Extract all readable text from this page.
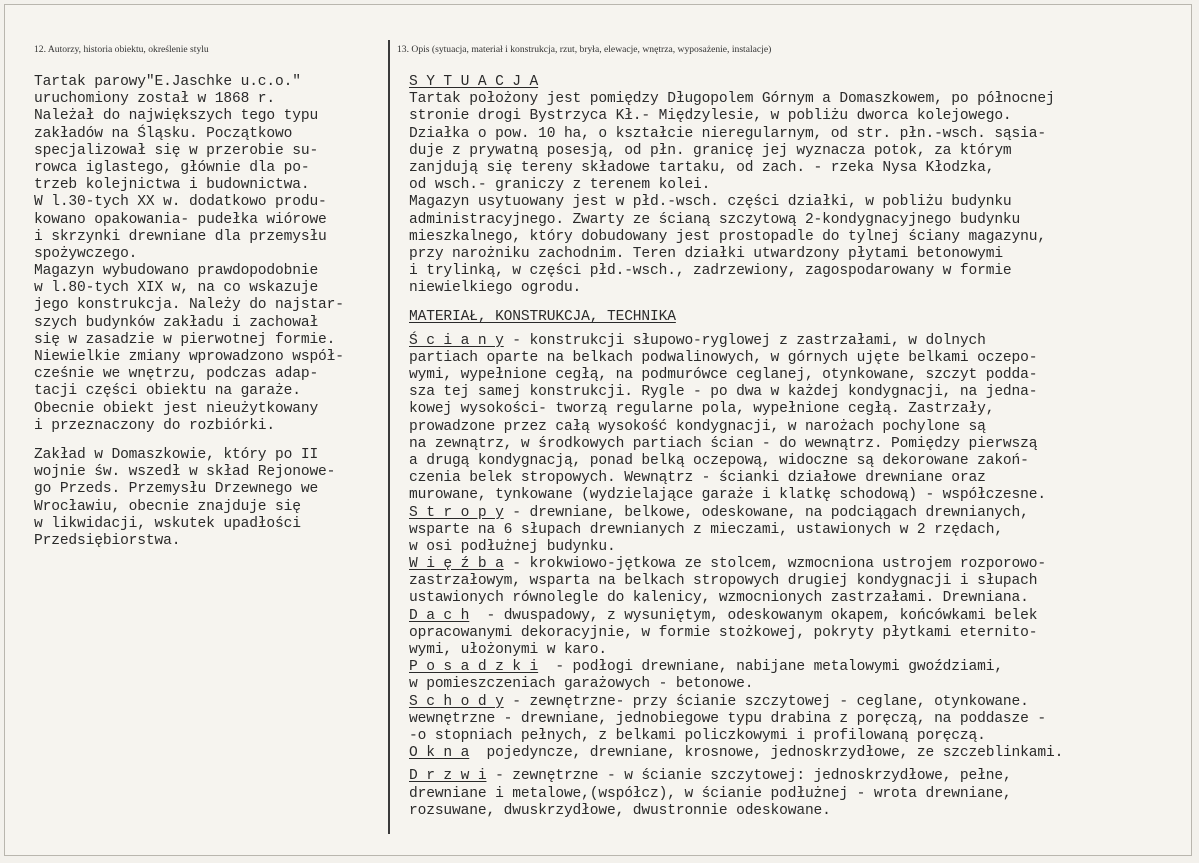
12. Autorzy, historia obiektu, określenie stylu	13. Opis (sytuacja, materiał i konstrukcja, rzut, bryła, elewacje, wnętrza, wyposażenie, instalacje)
Tartak parowy"E.Jaschke u.c.o."
uruchomiony został w 1868 r.
Należał do największych tego typu
zakładów na Śląsku. Początkowo
specjalizował się w przerobie su-
rowca iglastego, głównie dla po-
trzeb kolejnictwa i budownictwa.
W l.30-tych XX w. dodatkowo produ-
kowano opakowania- pudełka wiórowe
i skrzynki drewniane dla przemysłu
spożywczego.
Magazyn wybudowano prawdopodobnie
w l.80-tych XIX w, na co wskazuje
jego konstrukcja. Należy do najstar-
szych budynków zakładu i zachował
się w zasadzie w pierwotnej formie.
Niewielkie zmiany wprowadzono współ-
cześnie we wnętrzu, podczas adap-
tacji części obiektu na garaże.
Obecnie obiekt jest nieużytkowany
i przeznaczony do rozbiórki.
Zakład w Domaszkowie, który po II
wojnie św. wszedł w skład Rejonowe-
go Przeds. Przemysłu Drzewnego we
Wrocławiu, obecnie znajduje się
w likwidacji, wskutek upadłości
Przedsiębiorstwa.
S Y T U A C J A
Tartak położony jest pomiędzy Długopolem Górnym a Domaszkowem, po północnej
stronie drogi Bystrzyca Kł.- Międzylesie, w pobliżu dworca kolejowego.
Działka o pow. 10 ha, o kształcie nieregularnym, od str. płn.-wsch. sąsia-
duje z prywatną posesją, od płn. granicę jej wyznacza potok, za którym
zanjdują się tereny składowe tartaku, od zach. - rzeka Nysa Kłodzka,
od wsch.- graniczy z terenem kolei.
Magazyn usytuowany jest w płd.-wsch. części działki, w pobliżu budynku
administracyjnego. Zwarty ze ścianą szczytową 2-kondygnacyjnego budynku
mieszkalnego, który dobudowany jest prostopadle do tylnej ściany magazynu,
przy narożniku zachodnim. Teren działki utwardzony płytami betonowymi
i trylinką, w części płd.-wsch., zadrzewiony, zagospodarowany w formie
niewielkiego ogrodu.
MATERIAŁ, KONSTRUKCJA, TECHNIKA
Ś c i a n y - konstrukcji słupowo-ryglowej z zastrzałami, w dolnych
partiach oparte na belkach podwalinowych, w górnych ujęte belkami oczepo-
wymi, wypełnione cegłą, na podmurówce ceglanej, otynkowane, szczyt podda-
sza tej samej konstrukcji. Rygle - po dwa w każdej kondygnacji, na jedna-
kowej wysokości- tworzą regularne pola, wypełnione cegłą. Zastrzały,
prowadzone przez całą wysokość kondygnacji, w narożach pochylone są
na zewnątrz, w środkowych partiach ścian - do wewnątrz. Pomiędzy pierwszą
a drugą kondygnacją, ponad belką oczepową, widoczne są dekorowane zakoń-
czenia belek stropowych. Wewnątrz - ścianki działowe drewniane oraz
murowane, tynkowane (wydzielające garaże i klatkę schodową) - współczesne.
S t r o p y - drewniane, belkowe, odeskowane, na podciągach drewnianych,
wsparte na 6 słupach drewnianych z mieczami, ustawionych w 2 rzędach,
w osi podłużnej budynku.
W i ę ź b a - krokwiowo-jętkowa ze stolcem, wzmocniona ustrojem rozporowo-
zastrzałowym, wsparta na belkach stropowych drugiej kondygnacji i słupach
ustawionych równolegle do kalenicy, wzmocnionych zastrzałami. Drewniana.
D a c h  - dwuspadowy, z wysuniętym, odeskowanym okapem, końcówkami belek
opracowanymi dekoracyjnie, w formie stożkowej, pokryty płytkami eternito-
wymi, ułożonymi w karo.
P o s a d z k i  - podłogi drewniane, nabijane metalowymi gwoździami,
w pomieszczeniach garażowych - betonowe.
S c h o d y - zewnętrzne- przy ścianie szczytowej - ceglane, otynkowane.
wewnętrzne - drewniane, jednobiegowe typu drabina z poręczą, na poddasze -
-o stopniach pełnych, z belkami policzkowymi i profilowaną poręczą.
O k n a  pojedyncze, drewniane, krosnowe, jednoskrzydłowe, ze szczeblinkami.
D r z w i - zewnętrzne - w ścianie szczytowej: jednoskrzydłowe, pełne,
drewniane i metalowe,(współcz), w ścianie podłużnej - wrota drewniane,
rozsuwane, dwuskrzydłowe, dwustronnie odeskowane.
